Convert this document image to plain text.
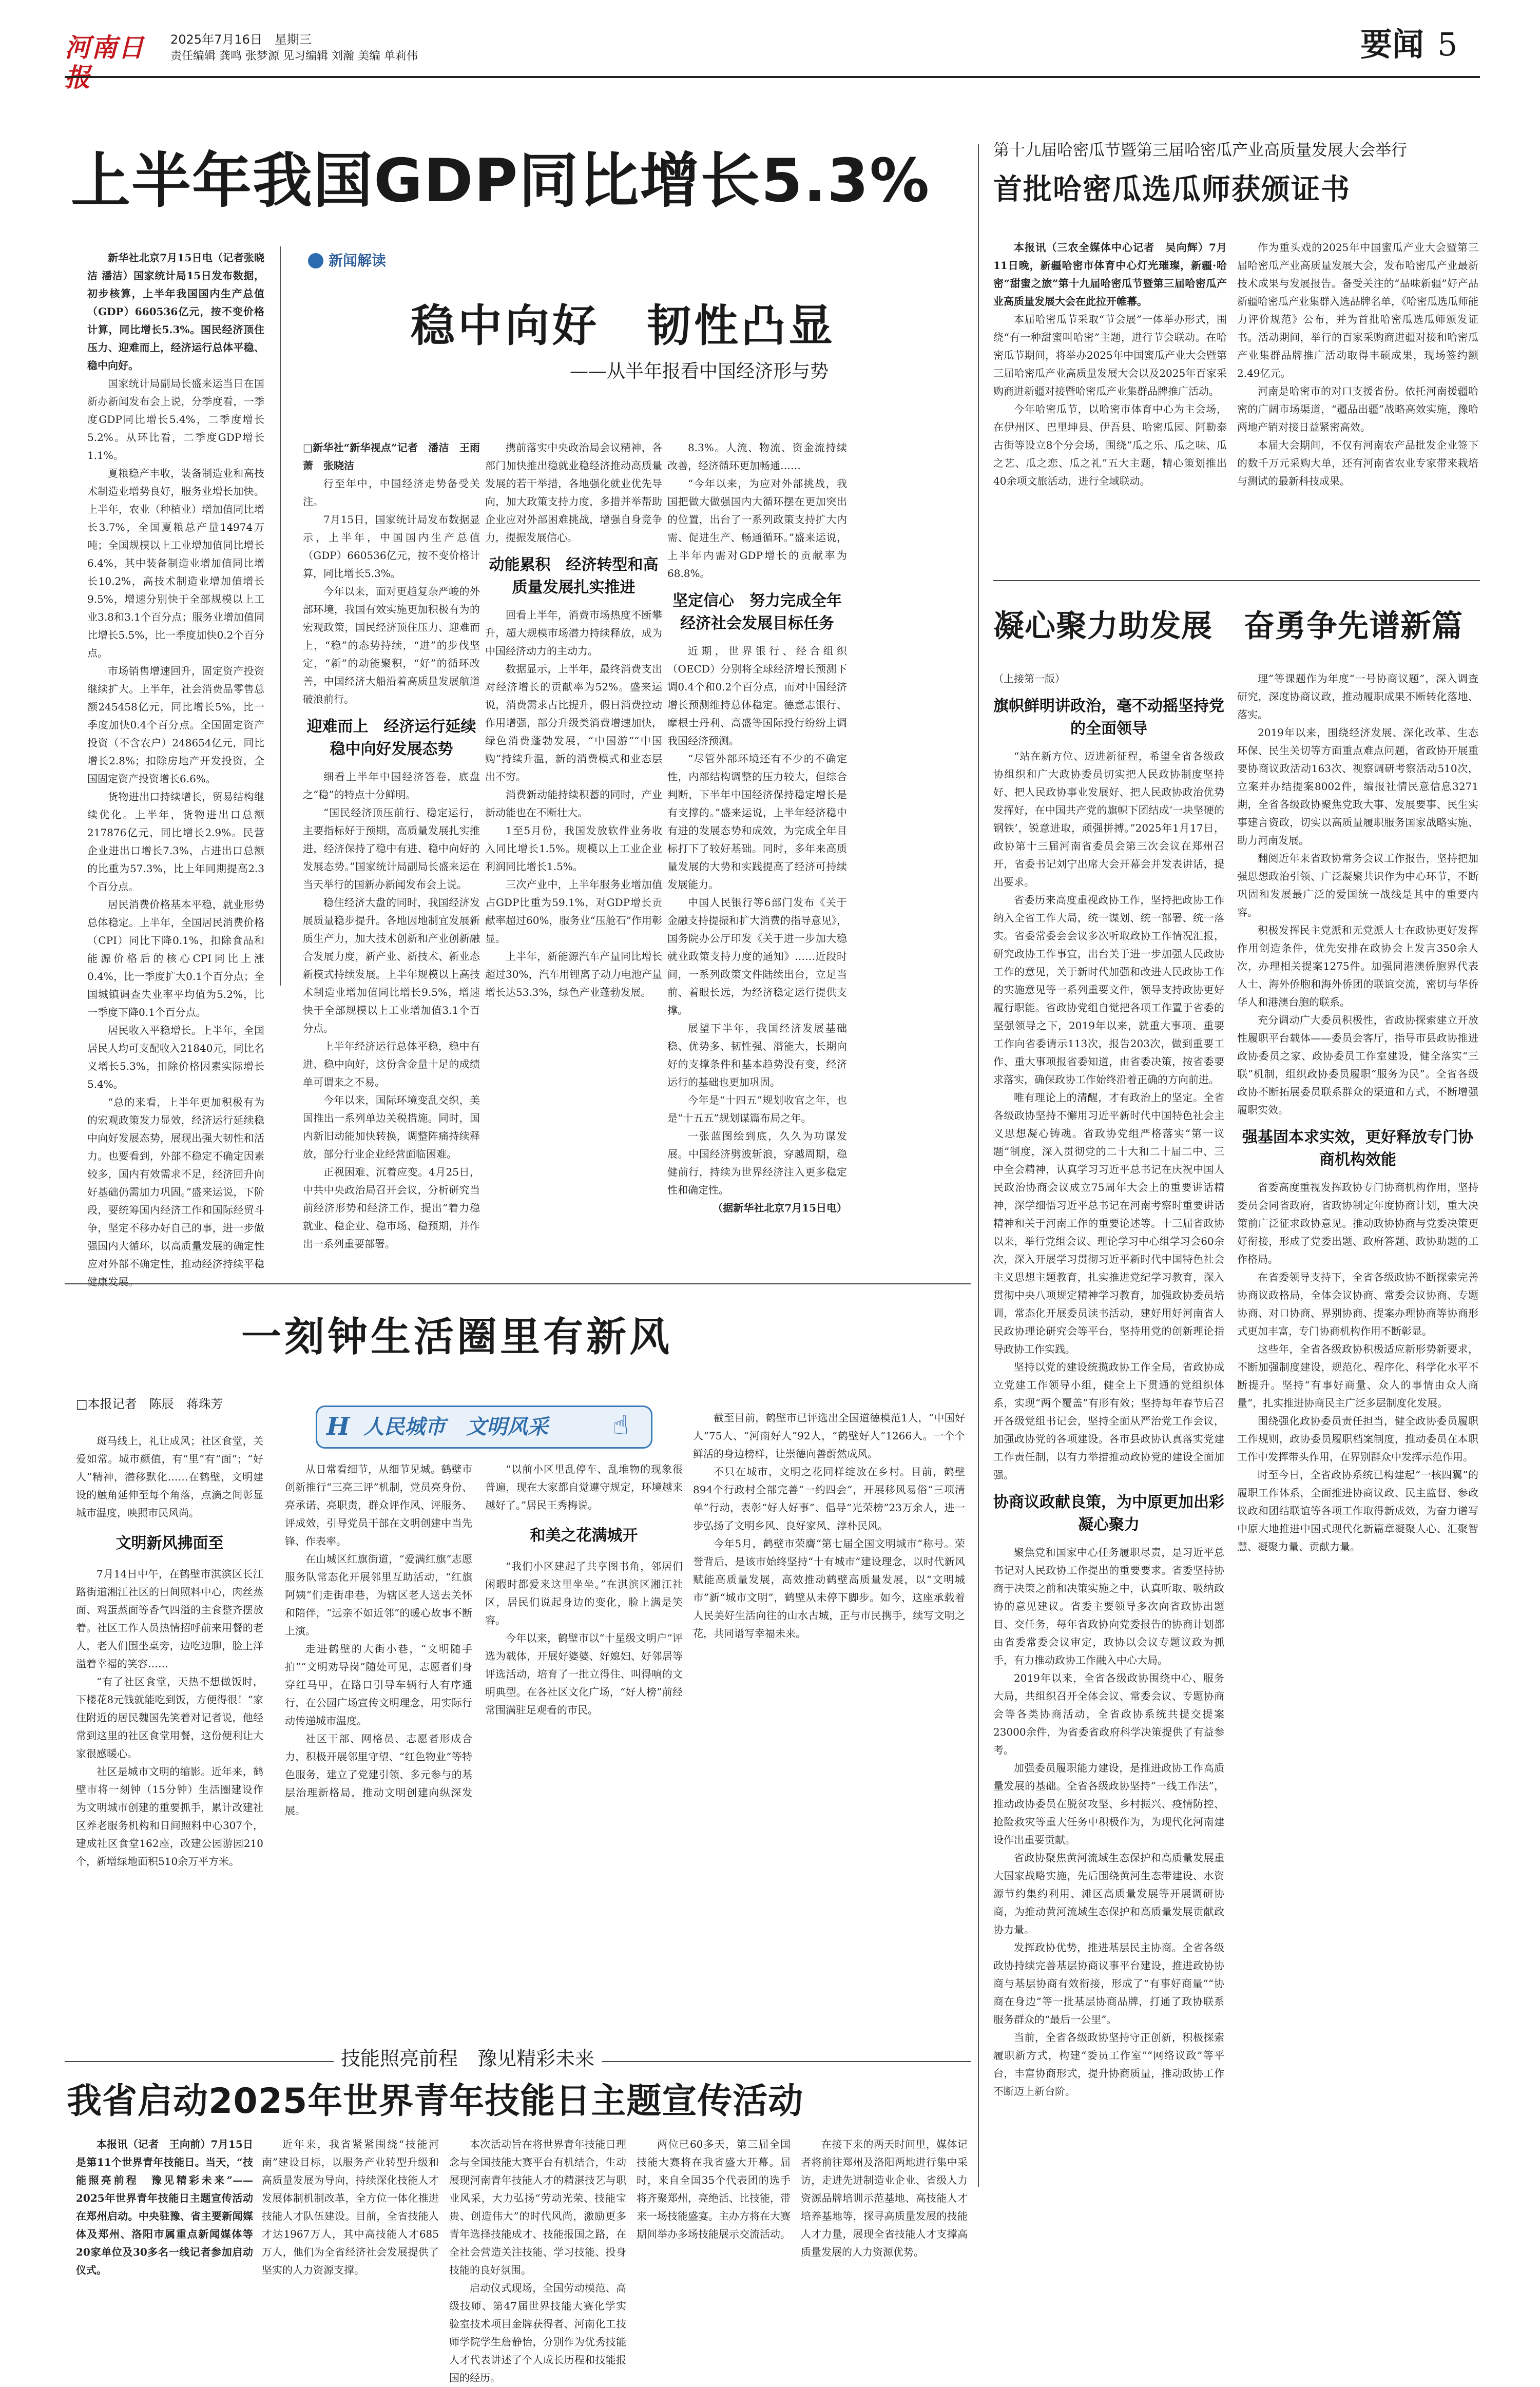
河南日报
2025年7月16日　星期三
责任编辑 龚鸣 张梦源 见习编辑 刘瀚 美编 单莉伟	要闻 5
上半年我国GDP同比增长5.3%

新华社北京7月15日电（记者张晓洁 潘洁）国家统计局15日发布数据，初步核算，上半年我国国内生产总值（GDP）660536亿元，按不变价格计算，同比增长5.3%。国民经济顶住压力、迎难而上，经济运行总体平稳、稳中向好。

国家统计局副局长盛来运当日在国新办新闻发布会上说，分季度看，一季度GDP同比增长5.4%，二季度增长5.2%。从环比看，二季度GDP增长1.1%。

夏粮稳产丰收，装备制造业和高技术制造业增势良好，服务业增长加快。上半年，农业（种植业）增加值同比增长3.7%，全国夏粮总产量14974万吨；全国规模以上工业增加值同比增长6.4%，其中装备制造业增加值同比增长10.2%，高技术制造业增加值增长9.5%，增速分别快于全部规模以上工业3.8和3.1个百分点；服务业增加值同比增长5.5%，比一季度加快0.2个百分点。

市场销售增速回升，固定资产投资继续扩大。上半年，社会消费品零售总额245458亿元，同比增长5%，比一季度加快0.4个百分点。全国固定资产投资（不含农户）248654亿元，同比增长2.8%；扣除房地产开发投资，全国固定资产投资增长6.6%。

货物进出口持续增长，贸易结构继续优化。上半年，货物进出口总额217876亿元，同比增长2.9%。民营企业进出口增长7.3%，占进出口总额的比重为57.3%，比上年同期提高2.3个百分点。

居民消费价格基本平稳，就业形势总体稳定。上半年，全国居民消费价格（CPI）同比下降0.1%，扣除食品和能源价格后的核心CPI同比上涨0.4%，比一季度扩大0.1个百分点；全国城镇调查失业率平均值为5.2%，比一季度下降0.1个百分点。

居民收入平稳增长。上半年，全国居民人均可支配收入21840元，同比名义增长5.3%，扣除价格因素实际增长5.4%。

“总的来看，上半年更加积极有为的宏观政策发力显效，经济运行延续稳中向好发展态势，展现出强大韧性和活力。也要看到，外部不稳定不确定因素较多，国内有效需求不足，经济回升向好基础仍需加力巩固。”盛来运说，下阶段，要统筹国内经济工作和国际经贸斗争，坚定不移办好自己的事，进一步做强国内大循环，以高质量发展的确定性应对外部不确定性，推动经济持续平稳健康发展。

新闻解读
稳中向好　韧性凸显
——从半年报看中国经济形与势

□新华社“新华视点”记者　潘洁　王雨萧　张晓洁

行至年中，中国经济走势备受关注。

7月15日，国家统计局发布数据显示，上半年，中国国内生产总值（GDP）660536亿元，按不变价格计算，同比增长5.3%。

今年以来，面对更趋复杂严峻的外部环境，我国有效实施更加积极有为的宏观政策，国民经济顶住压力、迎难而上，“稳”的态势持续，“进”的步伐坚定，“新”的动能聚积，“好”的循环改善，中国经济大船沿着高质量发展航道破浪前行。

迎难而上　经济运行延续稳中向好发展态势

细看上半年中国经济答卷，底盘之“稳”的特点十分鲜明。

“国民经济顶压前行、稳定运行，主要指标好于预期，高质量发展扎实推进，经济保持了稳中有进、稳中向好的发展态势。”国家统计局副局长盛来运在当天举行的国新办新闻发布会上说。

稳住经济大盘的同时，我国经济发展质量稳步提升。各地因地制宜发展新质生产力，加大技术创新和产业创新融合发展力度，新产业、新技术、新业态新模式持续发展。上半年规模以上高技术制造业增加值同比增长9.5%，增速快于全部规模以上工业增加值3.1个百分点。

上半年经济运行总体平稳，稳中有进、稳中向好，这份含金量十足的成绩单可谓来之不易。

今年以来，国际环境变乱交织，美国推出一系列单边关税措施。同时，国内新旧动能加快转换，调整阵痛持续释放，部分行业企业经营面临困难。

正视困难、沉着应变。4月25日，中共中央政治局召开会议，分析研究当前经济形势和经济工作，提出“着力稳就业、稳企业、稳市场、稳预期，并作出一系列重要部署。

携前落实中央政治局会议精神，各部门加快推出稳就业稳经济推动高质量发展的若干举措，各地强化就业优先导向，加大政策支持力度，多措并举帮助企业应对外部困难挑战，增强自身竞争力，提振发展信心。

动能累积　经济转型和高质量发展扎实推进

回看上半年，消费市场热度不断攀升，超大规模市场潜力持续释放，成为中国经济动力的主动力。

数据显示，上半年，最终消费支出对经济增长的贡献率为52%。盛来运说，消费需求占比提升，假日消费拉动作用增强，部分升级类消费增速加快，绿色消费蓬勃发展，“中国游”“中国购”持续升温，新的消费模式和业态层出不穷。

消费新动能持续积蓄的同时，产业新动能也在不断壮大。

1至5月份，我国发放软件业务收入同比增长1.5%。规模以上工业企业利润同比增长1.5%。

三次产业中，上半年服务业增加值占GDP比重为59.1%，对GDP增长贡献率超过60%，服务业“压舱石”作用彰显。

上半年，新能源汽车产量同比增长超过30%，汽车用锂离子动力电池产量增长达53.3%，绿色产业蓬勃发展。

8.3%。人流、物流、资金流持续改善，经济循环更加畅通……

“今年以来，为应对外部挑战，我国把做大做强国内大循环摆在更加突出的位置，出台了一系列政策支持扩大内需、促进生产、畅通循环。”盛来运说，上半年内需对GDP增长的贡献率为68.8%。

坚定信心　努力完成全年经济社会发展目标任务

近期，世界银行、经合组织（OECD）分别将全球经济增长预测下调0.4个和0.2个百分点，而对中国经济增长预测维持总体稳定。德意志银行、摩根士丹利、高盛等国际投行纷纷上调我国经济预测。

“尽管外部环境还有不少的不确定性，内部结构调整的压力较大，但综合判断，下半年中国经济保持稳定增长是有支撑的。”盛来运说，上半年经济稳中有进的发展态势和成效，为完成全年目标打下了较好基础。同时，多年来高质量发展的大势和实践提高了经济可持续发展能力。

中国人民银行等6部门发布《关于金融支持提振和扩大消费的指导意见》，国务院办公厅印发《关于进一步加大稳就业政策支持力度的通知》……近段时间，一系列政策文件陆续出台，立足当前、着眼长远，为经济稳定运行提供支撑。

展望下半年，我国经济发展基础稳、优势多、韧性强、潜能大，长期向好的支撑条件和基本趋势没有变，经济运行的基础也更加巩固。

今年是“十四五”规划收官之年，也是“十五五”规划谋篇布局之年。

一张蓝图绘到底，久久为功谋发展。中国经济劈波斩浪，穿越周期，稳健前行，持续为世界经济注入更多稳定性和确定性。

（据新华社北京7月15日电）

第十九届哈密瓜节暨第三届哈密瓜产业高质量发展大会举行
首批哈密瓜选瓜师获颁证书

本报讯（三农全媒体中心记者　吴向辉）7月11日晚，新疆哈密市体育中心灯光璀璨，新疆·哈密“甜蜜之旅”第十九届哈密瓜节暨第三届哈密瓜产业高质量发展大会在此拉开帷幕。

本届哈密瓜节采取“节会展”一体举办形式，围绕“有一种甜蜜叫哈密”主题，进行节会联动。在哈密瓜节期间，将举办2025年中国蜜瓜产业大会暨第三届哈密瓜产业高质量发展大会以及2025年百家采购商进新疆对接暨哈密瓜产业集群品牌推广活动。

今年哈密瓜节，以哈密市体育中心为主会场，在伊州区、巴里坤县、伊吾县、哈密瓜园、阿勒泰古街等设立8个分会场，围绕“瓜之乐、瓜之味、瓜之艺、瓜之恋、瓜之礼”五大主题，精心策划推出40余项文旅活动，进行全域联动。

作为重头戏的2025年中国蜜瓜产业大会暨第三届哈密瓜产业高质量发展大会，发布哈密瓜产业最新技术成果与发展报告。备受关注的“品味新疆”好产品新疆哈密瓜产业集群入选品牌名单，《哈密瓜选瓜师能力评价规范》公布，并为首批哈密瓜选瓜师颁发证书。活动期间，举行的百家采购商进疆对接和哈密瓜产业集群品牌推广活动取得丰硕成果，现场签约额2.49亿元。

河南是哈密市的对口支援省份。依托河南援疆哈密的广阔市场渠道，“疆品出疆”战略高效实施，豫哈两地产销对接日益紧密高效。

本届大会期间，不仅有河南农产品批发企业签下的数千万元采购大单，还有河南省农业专家带来栽培与测试的最新科技成果。

凝心聚力助发展　奋勇争先谱新篇

（上接第一版）

旗帜鲜明讲政治，毫不动摇坚持党的全面领导

“站在新方位、迈进新征程，希望全省各级政协组织和广大政协委员切实把人民政协制度坚持好、把人民政协事业发展好、把人民政协政治优势发挥好，在中国共产党的旗帜下团结成‘一块坚硬的钢铁’，锐意进取，顽强拼搏。”2025年1月17日，政协第十三届河南省委员会第三次会议在郑州召开，省委书记刘宁出席大会开幕会并发表讲话，提出要求。

省委历来高度重视政协工作，坚持把政协工作纳入全省工作大局，统一谋划、统一部署、统一落实。省委常委会会议多次听取政协工作情况汇报，研究政协工作事宜，出台关于进一步加强人民政协工作的意见，关于新时代加强和改进人民政协工作的实施意见等一系列重要文件，领导支持政协更好履行职能。省政协党组自觉把各项工作置于省委的坚强领导之下，2019年以来，就重大事项、重要工作向省委请示113次，报告203次，做到重要工作、重大事项报省委知道，由省委决策，按省委要求落实，确保政协工作始终沿着正确的方向前进。

唯有理论上的清醒，才有政治上的坚定。全省各级政协坚持不懈用习近平新时代中国特色社会主义思想凝心铸魂。省政协党组严格落实“第一议题”制度，深入贯彻党的二十大和二十届二中、三中全会精神，认真学习习近平总书记在庆祝中国人民政治协商会议成立75周年大会上的重要讲话精神，深学细悟习近平总书记在河南考察时重要讲话精神和关于河南工作的重要论述等。十三届省政协以来，举行党组会议、理论学习中心组学习会60余次，深入开展学习贯彻习近平新时代中国特色社会主义思想主题教育，扎实推进党纪学习教育，深入贯彻中央八项规定精神学习教育，加强政协委员培训，常态化开展委员读书活动，建好用好河南省人民政协理论研究会等平台，坚持用党的创新理论指导政协工作实践。

坚持以党的建设统揽政协工作全局，省政协成立党建工作领导小组，健全上下贯通的党组织体系，实现“两个覆盖”有形有效；坚持每年春节后召开各级党组书记会，坚持全面从严治党工作会议，加强政协党的各项建设。各市县政协认真落实党建工作责任制，以有力举措推动政协党的建设全面加强。

协商议政献良策，为中原更加出彩凝心聚力

聚焦党和国家中心任务履职尽责，是习近平总书记对人民政协工作提出的重要要求。省委坚持协商于决策之前和决策实施之中，认真听取、吸纳政协的意见建议。省委主要领导多次向省政协出题目、交任务，每年省政协向党委报告的协商计划都由省委常委会议审定，政协以会议专题议政为抓手，有力推动政协工作融入中心大局。

2019年以来，全省各级政协围绕中心、服务大局，共组织召开全体会议、常委会议、专题协商会等各类协商活动，全省政协系统共提交提案23000余件，为省委省政府科学决策提供了有益参考。

加强委员履职能力建设，是推进政协工作高质量发展的基础。全省各级政协坚持“一线工作法”，推动政协委员在脱贫攻坚、乡村振兴、疫情防控、抢险救灾等重大任务中积极作为，为现代化河南建设作出重要贡献。

省政协聚焦黄河流域生态保护和高质量发展重大国家战略实施，先后围绕黄河生态带建设、水资源节约集约利用、滩区高质量发展等开展调研协商，为推动黄河流域生态保护和高质量发展贡献政协力量。

发挥政协优势，推进基层民主协商。全省各级政协持续完善基层协商议事平台建设，推进政协协商与基层协商有效衔接，形成了“有事好商量”“协商在身边”等一批基层协商品牌，打通了政协联系服务群众的“最后一公里”。

当前，全省各级政协坚持守正创新，积极探索履职新方式，构建“委员工作室”“网络议政”等平台，丰富协商形式，提升协商质量，推动政协工作不断迈上新台阶。

理”等课题作为年度“一号协商议题”，深入调查研究，深度协商议政，推动履职成果不断转化落地、落实。

2019年以来，围绕经济发展、深化改革、生态环保、民生关切等方面重点难点问题，省政协开展重要协商议政活动163次、视察调研考察活动510次，立案并办结提案8002件，编报社情民意信息3271期，全省各级政协聚焦党政大事、发展要事、民生实事建言资政，切实以高质量履职服务国家战略实施、助力河南发展。

翻阅近年来省政协常务会议工作报告，坚持把加强思想政治引领、广泛凝聚共识作为中心环节，不断巩固和发展最广泛的爱国统一战线是其中的重要内容。

积极发挥民主党派和无党派人士在政协更好发挥作用创造条件，优先安排在政协会上发言350余人次，办理相关提案1275件。加强同港澳侨胞界代表人士、海外侨胞和海外侨团的联谊交流，密切与华侨华人和港澳台胞的联系。

充分调动广大委员积极性，省政协探索建立开放性履职平台载体——委员会客厅，指导市县政协推进政协委员之家、政协委员工作室建设，健全落实“三联”机制，组织政协委员履职“服务为民”。全省各级政协不断拓展委员联系群众的渠道和方式，不断增强履职实效。

强基固本求实效，更好释放专门协商机构效能

省委高度重视发挥政协专门协商机构作用，坚持委员会同省政府，省政协制定年度协商计划，重大决策前广泛征求政协意见。推动政协协商与党委决策更好衔接，形成了党委出题、政府答题、政协助题的工作格局。

在省委领导支持下，全省各级政协不断探索完善协商议政格局，全体会议协商、常委会议协商、专题协商、对口协商、界别协商、提案办理协商等协商形式更加丰富，专门协商机构作用不断彰显。

这些年，全省各级政协积极适应新形势新要求，不断加强制度建设，规范化、程序化、科学化水平不断提升。坚持“有事好商量、众人的事情由众人商量”，扎实推进协商民主广泛多层制度化发展。

围绕强化政协委员责任担当，健全政协委员履职工作规则，政协委员履职档案制度，推动委员在本职工作中发挥带头作用，在界别群众中发挥示范作用。

时至今日，全省政协系统已构建起“一核四翼”的履职工作体系，全面推进协商议政、民主监督、参政议政和团结联谊等各项工作取得新成效，为奋力谱写中原大地推进中国式现代化新篇章凝聚人心、汇聚智慧、凝聚力量、贡献力量。

一刻钟生活圈里有新风
□本报记者　陈辰　蒋珠芳
H 人民城市　文明风采 ☝

斑马线上，礼让成风；社区食堂，关爱如常。城市颜值，有“里”有“面”；“好人”精神，潜移默化……在鹤壁，文明建设的触角延伸至每个角落，点滴之间彰显城市温度，映照市民风尚。

文明新风拂面至

7月14日中午，在鹤壁市淇滨区长江路街道湘江社区的日间照料中心，肉丝蒸面、鸡蛋蒸面等香气四溢的主食整齐摆放着。社区工作人员热情招呼前来用餐的老人，老人们围坐桌旁，边吃边聊，脸上洋溢着幸福的笑容……

“有了社区食堂，天热不想做饭时，下楼花8元钱就能吃到饭，方便得很！”家住附近的居民魏国先笑着对记者说，他经常到这里的社区食堂用餐，这份便利让大家很感暖心。

社区是城市文明的缩影。近年来，鹤壁市将一刻钟（15分钟）生活圈建设作为文明城市创建的重要抓手，累计改建社区养老服务机构和日间照料中心307个，建成社区食堂162座，改建公园游园210个，新增绿地面积510余万平方米。

从日常看细节，从细节见城。鹤壁市创新推行“三亮三评”机制，党员亮身份、亮承诺、亮职责，群众评作风、评服务、评成效，引导党员干部在文明创建中当先锋、作表率。

在山城区红旗街道，“爱满红旗”志愿服务队常态化开展邻里互助活动，“红旗阿姨”们走街串巷，为辖区老人送去关怀和陪伴，“远亲不如近邻”的暖心故事不断上演。

走进鹤壁的大街小巷，“文明随手拍”“文明劝导岗”随处可见，志愿者们身穿红马甲，在路口引导车辆行人有序通行，在公园广场宣传文明理念，用实际行动传递城市温度。

社区干部、网格员、志愿者形成合力，积极开展邻里守望、“红色物业”等特色服务，建立了党建引领、多元参与的基层治理新格局，推动文明创建向纵深发展。

“以前小区里乱停车、乱堆物的现象很普遍，现在大家都自觉遵守规定，环境越来越好了。”居民王秀梅说。

和美之花满城开

“我们小区建起了共享图书角，邻居们闲暇时都爱来这里坐坐。”在淇滨区湘江社区，居民们说起身边的变化，脸上满是笑容。

今年以来，鹤壁市以“十星级文明户”评选为载体，开展好婆婆、好媳妇、好邻居等评选活动，培育了一批立得住、叫得响的文明典型。在各社区文化广场，“好人榜”前经常围满驻足观看的市民。

截至目前，鹤壁市已评选出全国道德模范1人，“中国好人”75人、“河南好人”92人，“鹤壁好人”1266人。一个个鲜活的身边榜样，让崇德向善蔚然成风。

不只在城市，文明之花同样绽放在乡村。目前，鹤壁894个行政村全部完善“一约四会”，开展移风易俗“三项清单”行动，表彰“好人好事”、倡导“光荣榜”23万余人，进一步弘扬了文明乡风、良好家风、淳朴民风。

今年5月，鹤壁市荣膺“第七届全国文明城市”称号。荣誉背后，是该市始终坚持“十有城市”建设理念，以时代新风赋能高质量发展，高效推动鹤壁高质量发展，以“文明城市”新“城市文明”，鹤壁从未停下脚步。如今，这座承载着人民美好生活向往的山水古城，正与市民携手，续写文明之花，共同谱写幸福未来。

技能照亮前程　豫见精彩未来
我省启动2025年世界青年技能日主题宣传活动

本报讯（记者　王向前）7月15日是第11个世界青年技能日。当天，“技能照亮前程　豫见精彩未来”——2025年世界青年技能日主题宣传活动在郑州启动。中央驻豫、省主要新闻媒体及郑州、洛阳市属重点新闻媒体等20家单位及30多名一线记者参加启动仪式。

近年来，我省紧紧围绕“技能河南”建设目标，以服务产业转型升级和高质量发展为导向，持续深化技能人才发展体制机制改革，全方位一体化推进技能人才队伍建设。目前，全省技能人才达1967万人，其中高技能人才685万人，他们为全省经济社会发展提供了坚实的人力资源支撑。

本次活动旨在将世界青年技能日理念与全国技能大赛平台有机结合，生动展现河南青年技能人才的精湛技艺与职业风采，大力弘扬“劳动光荣、技能宝贵、创造伟大”的时代风尚，激励更多青年选择技能成才、技能报国之路，在全社会营造关注技能、学习技能、投身技能的良好氛围。

启动仪式现场，全国劳动模范、高级技师、第47届世界技能大赛化学实验室技术项目金牌获得者、河南化工技师学院学生詹静怡，分别作为优秀技能人才代表讲述了个人成长历程和技能报国的经历。

两位已60多天，第三届全国技能大赛将在我省盛大开幕。届时，来自全国35个代表团的选手将齐聚郑州，亮绝活、比技能，带来一场技能盛宴。主办方将在大赛期间举办多场技能展示交流活动。

在接下来的两天时间里，媒体记者将前往郑州及洛阳两地进行集中采访，走进先进制造业企业、省级人力资源品牌培训示范基地、高技能人才培养基地等，探寻高质量发展的技能人才力量，展现全省技能人才支撑高质量发展的人力资源优势。
